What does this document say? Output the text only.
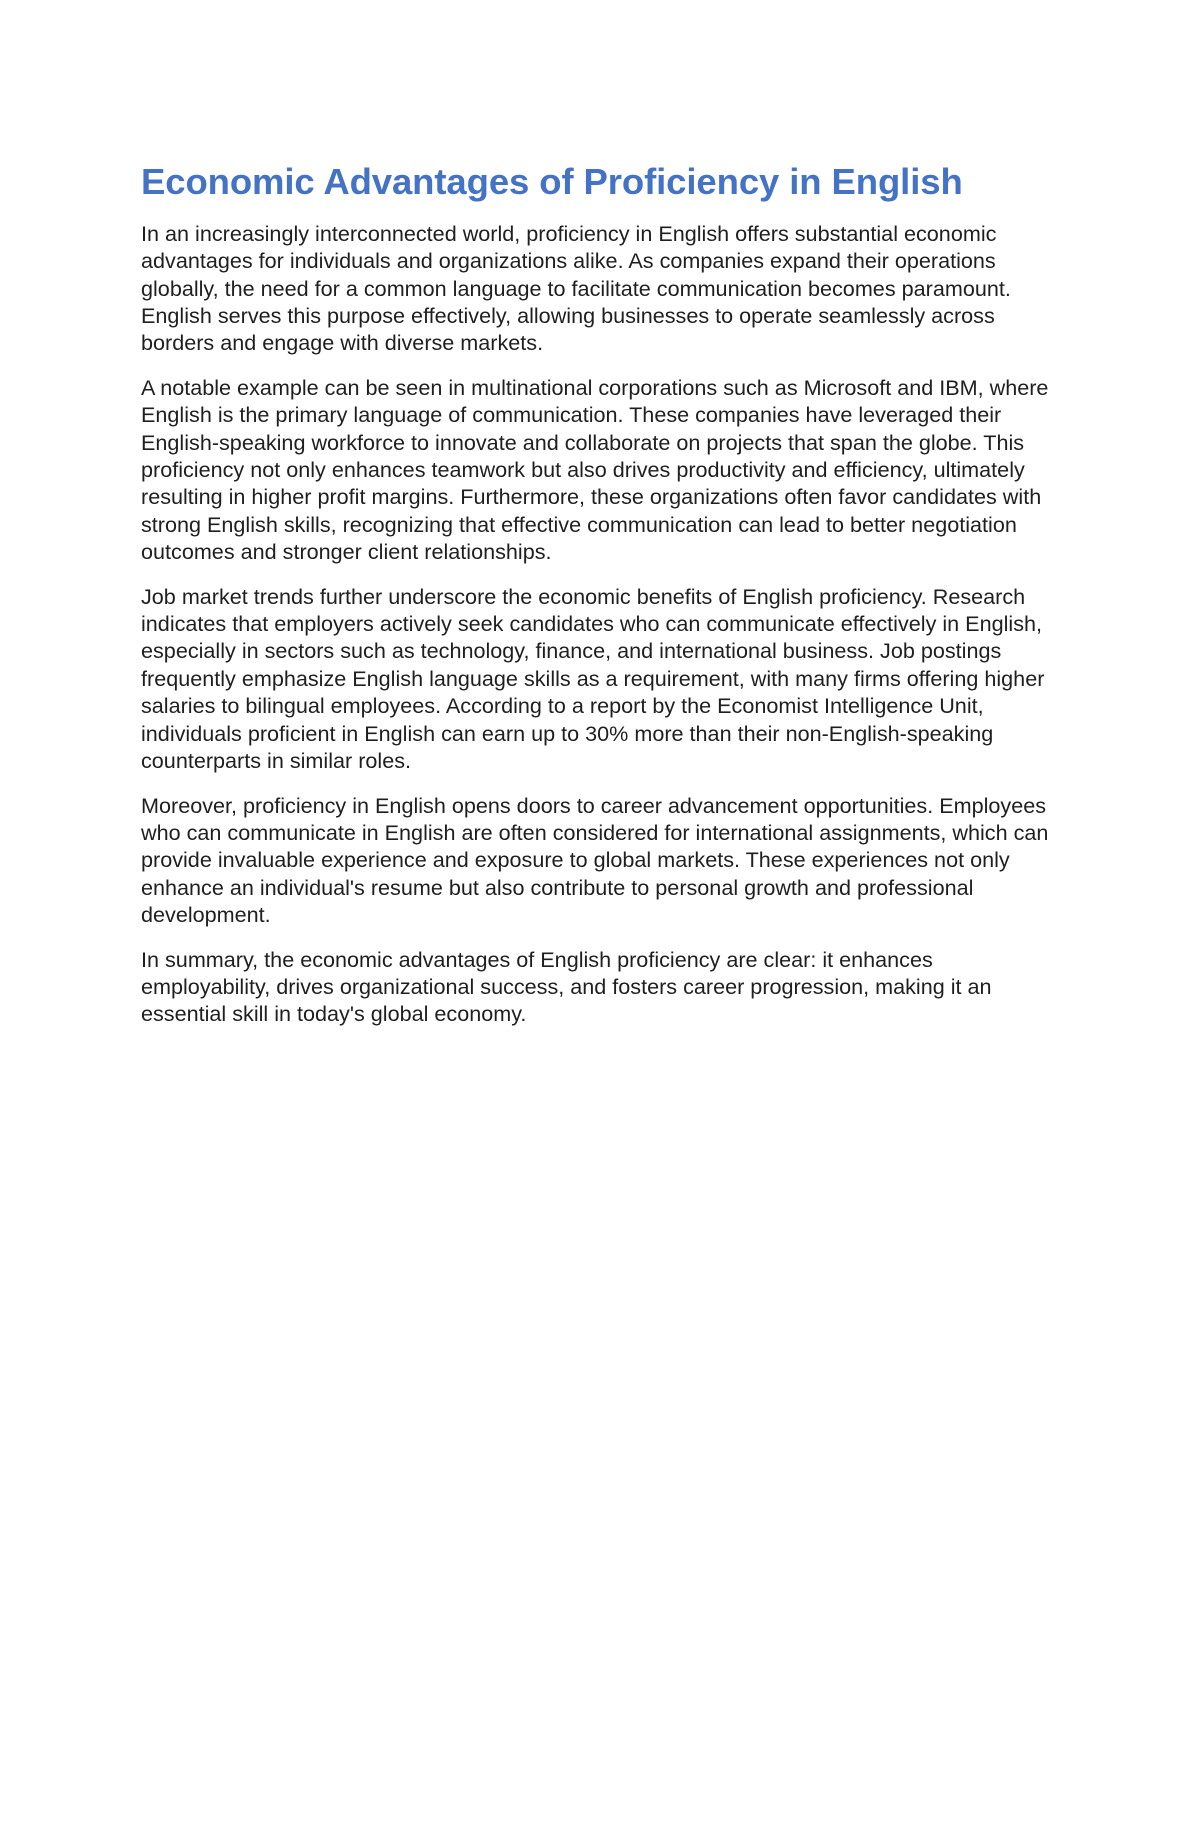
Economic Advantages of Proficiency in English

In an increasingly interconnected world, proficiency in English offers substantial economic advantages for individuals and organizations alike. As companies expand their operations globally, the need for a common language to facilitate communication becomes paramount. English serves this purpose effectively, allowing businesses to operate seamlessly across borders and engage with diverse markets.

A notable example can be seen in multinational corporations such as Microsoft and IBM, where English is the primary language of communication. These companies have leveraged their English-speaking workforce to innovate and collaborate on projects that span the globe. This proficiency not only enhances teamwork but also drives productivity and efficiency, ultimately resulting in higher profit margins. Furthermore, these organizations often favor candidates with strong English skills, recognizing that effective communication can lead to better negotiation outcomes and stronger client relationships.

Job market trends further underscore the economic benefits of English proficiency. Research indicates that employers actively seek candidates who can communicate effectively in English, especially in sectors such as technology, finance, and international business. Job postings frequently emphasize English language skills as a requirement, with many firms offering higher salaries to bilingual employees. According to a report by the Economist Intelligence Unit, individuals proficient in English can earn up to 30% more than their non-English-speaking counterparts in similar roles.

Moreover, proficiency in English opens doors to career advancement opportunities. Employees who can communicate in English are often considered for international assignments, which can provide invaluable experience and exposure to global markets. These experiences not only enhance an individual's resume but also contribute to personal growth and professional development.

In summary, the economic advantages of English proficiency are clear: it enhances employability, drives organizational success, and fosters career progression, making it an essential skill in today's global economy.
